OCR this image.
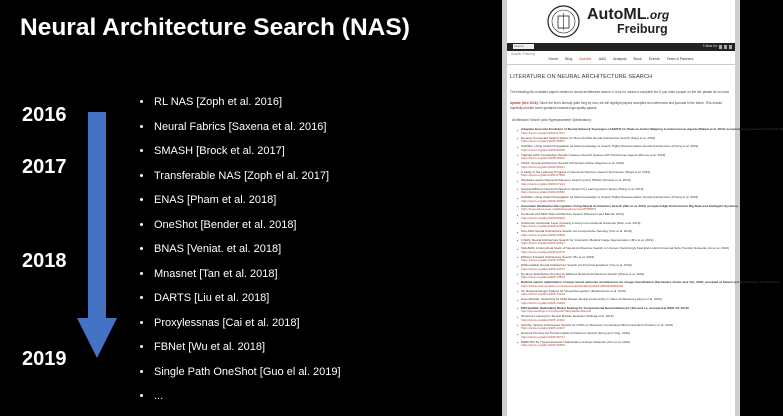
Neural Architecture Search (NAS)
2016
2017
2018
2019
RL NAS [Zoph et al. 2016]
Neural Fabrics [Saxena et al. 2016]
SMASH [Brock et al. 2017]
Transferable NAS [Zoph el al. 2017]
ENAS [Pham et al. 2018]
OneShot [Bender et al. 2018]
BNAS [Veniat. et al. 2018]
Mnasnet [Tan et al. 2018]
DARTS [Liu et al. 2018]
Proxylessnas [Cai et al. 2018]
FBNet [Wu et al. 2018]
Single Path OneShot [Guo el al. 2019]
...
AutoML.org
Freiburg
Search	Follow Us:
AutoML Freiburg
Home Blog AutoML AAD Analysis Book Events Team & Partners
LITERATURE ON NEURAL ARCHITECTURE SEARCH
The following list considers papers related to neural architecture search. It is by no means a complete list. If you miss a paper on the list, please let us know.
Update (Dec 2018): Since the list is already quite long by now, we will highlight papers accepted at conferences and journals in the future. This should hopefully provide some guidance towards high-quality papers.
Architecture Search (and Hyperparameter Optimization):
Adaptive Genomic Evolution of Neural Network Topologies (AGENT) for State-to-Action Mapping in Autonomous Agents (Behjat et al. 2019; accepted and presented at ICRA 2019)
https://arxiv.org/abs/1903.07107
Densely Connected Search Space for More Flexible Neural Architecture Search (Fang et al. 2019)
https://arxiv.org/abs/1906.09607
SwiftNet: Using Graph Propagation as Meta-knowledge to Search Highly Representative Neural Architectures (Cheng et al. 2019)
https://arxiv.org/abs/1906.08305
Transfer NAS: Knowledge Transfer between Search Spaces with Transformer Agents (Borsos et al. 2019)
https://arxiv.org/abs/1906.08102
XNAS: Neural Architecture Search with Expert Advice (Nayman et al. 2019)
https://arxiv.org/abs/1906.08031
A Study of the Learning Progress in Neural Architecture Search Techniques (Singh et al. 2019)
https://arxiv.org/abs/1906.07590
Hardware aware Neural Architecture Search (using TBNet) (Srinivas et al. 2019)
https://arxiv.org/abs/1906.07214
Sample-Efficient Neural Architecture Search by Learning Action Space (Wang et al. 2019)
https://arxiv.org/abs/1906.06832
SwiftNet: Using Graph Propagation as Meta-knowledge to Search Highly Representative Neural Architectures (Cheng et al. 2019)
https://arxiv.org/abs/1906.08305
Automatic Modulation Recognition Using Neural Architecture Search (Wei et al. 2019; accepted High Performance Big Data and Intelligent Systems)
https://ieeexplore.ieee.org/abstract/document/8755004
Continual and Multi-Task Architecture Search (Pasunuru and Bansal, 2019)
https://arxiv.org/abs/1906.05226
AutoGrow: Automatic Layer Growing in Deep Convolutional Networks (Wen et al. 2019)
https://arxiv.org/abs/1906.02909
One-Shot Neural Architecture Search via Compressive Sensing (Cho et al. 2019)
https://arxiv.org/abs/1906.02869
V-NAS: Neural Architecture Search for Volumetric Medical Image Segmentation (Zhu et al. 2019)
https://arxiv.org/abs/1906.02817
StyleNAS: An Empirical Study of Neural Architecture Search to Uncover Surprisingly Fast End-to-End Universal Style Transfer Networks (An et al. 2019)
https://arxiv.org/abs/1906.02470
Efficient Forward Architecture Search (Hu et al. 2019)
https://arxiv.org/abs/1905.13360
Differentiable Neural Architecture Search via Proximal Iterations (Yao et al. 2019)
https://arxiv.org/abs/1905.13577
Dynamic Distribution Pruning for Efficient Network Architecture Search (Zheng et al. 2019)
https://arxiv.org/abs/1905.13543
Particle swarm optimization of deep neural networks architectures for image classification (Fernandes Junior and Yen, 2019; accepted at Swarm and Evolutionary Computation)
https://www.sciencedirect.com/science/article/abs/pii/S2210650218309246
On Network Design Spaces for Visual Recognition (Radosavovic et al. 2019)
https://arxiv.org/abs/1905.13214
AssembleNet: Searching for Multi-Stream Neural Connectivity in Video Architectures (Ryoo et al. 2019)
https://arxiv.org/abs/1905.13209
EfficientNet: Rethinking Model Scaling for Convolutional Neural Networks (Tan and Le, accepted at ICML'19; 2019)
http://proceedings.mlr.press/v97/tan19a/tan19a.pdf
Structure Learning for Neural Module Networks (Pahuja et al. 2019)
https://arxiv.org/abs/1905.11532
SpArSe: Sparse Architecture Search for CNNs on Resource-Constrained Microcontrollers (Fedorov et al. 2019)
https://arxiv.org/abs/1905.12107
Network Pruning via Transformable Architecture Search (Dong and Yang, 2019)
https://arxiv.org/abs/1905.09717
DEEP-BO for Hyperparameter Optimization of Deep Networks (Cho et al. 2019)
https://arxiv.org/abs/1905.09680
